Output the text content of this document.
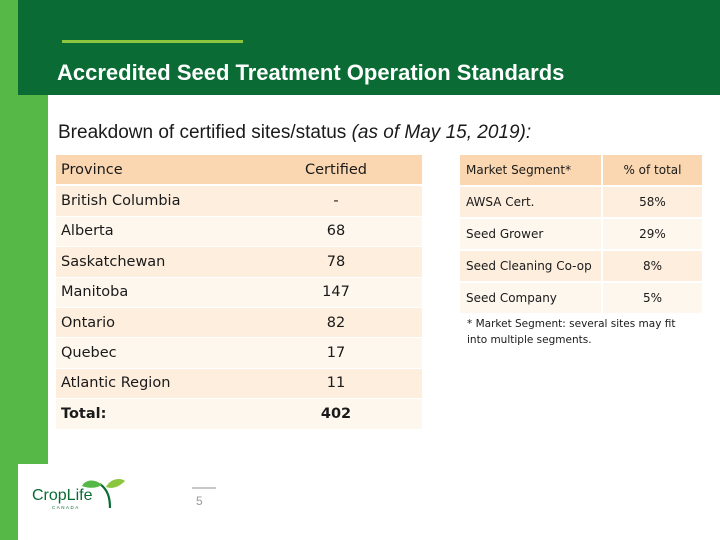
Accredited Seed Treatment Operation Standards
Breakdown of certified sites/status (as of May 15, 2019):
Province	Certified
British Columbia	-
Alberta	68
Saskatchewan	78
Manitoba	147
Ontario	82
Quebec	17
Atlantic Region	11
Total:	402
Market Segment*	% of total
AWSA Cert.	58%
Seed Grower	29%
Seed Cleaning Co-op	8%
Seed Company	5%
* Market Segment: several sites may fit into multiple segments.
CropLife
CANADA	5
